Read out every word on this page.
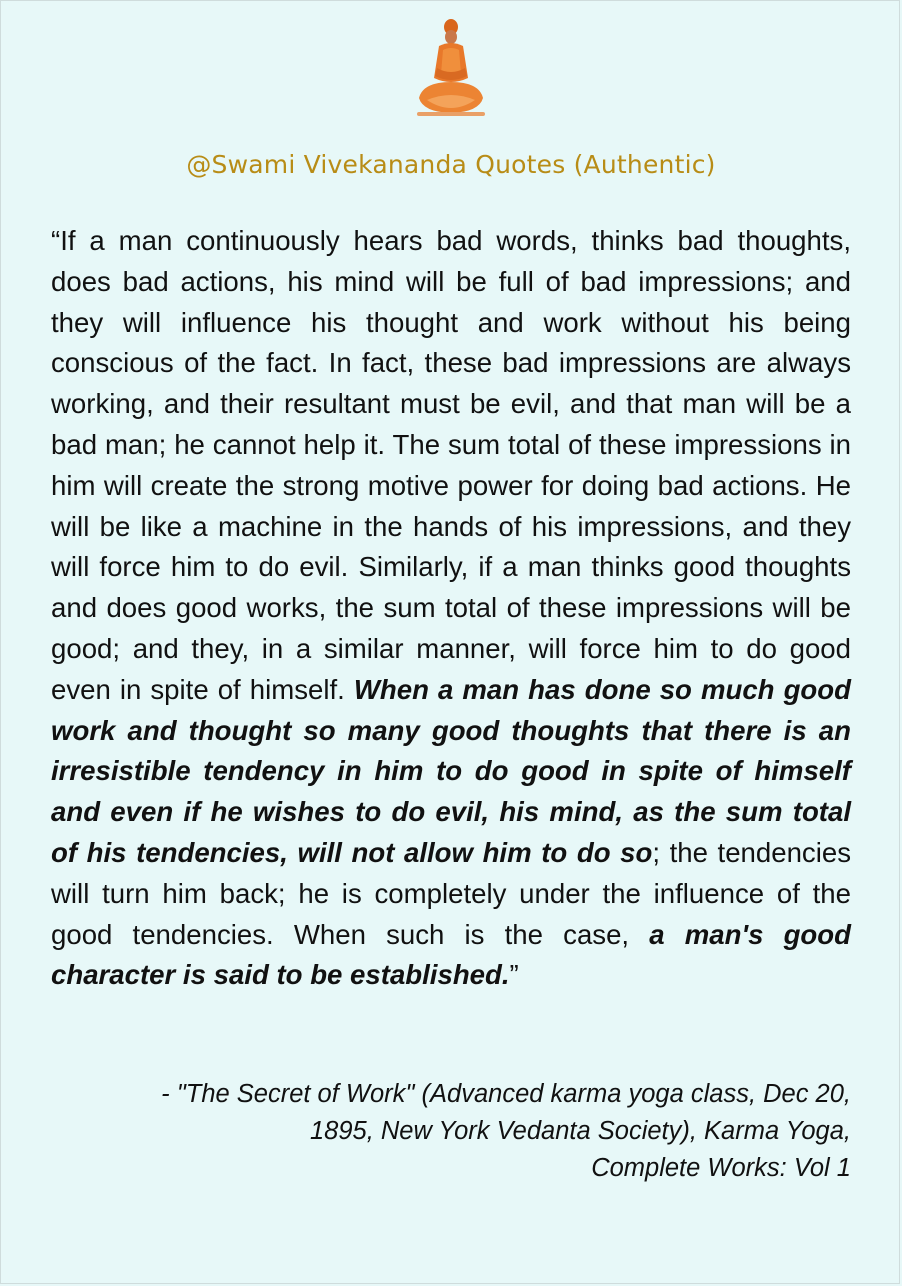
@Swami Vivekananda Quotes (Authentic)

“If a man continuously hears bad words, thinks bad thoughts, does bad actions, his mind will be full of bad impressions; and they will influence his thought and work without his being conscious of the fact. In fact, these bad impressions are always working, and their resultant must be evil, and that man will be a bad man; he cannot help it. The sum total of these impressions in him will create the strong motive power for doing bad actions. He will be like a machine in the hands of his impressions, and they will force him to do evil. Similarly, if a man thinks good thoughts and does good works, the sum total of these impressions will be good; and they, in a similar manner, will force him to do good even in spite of himself. When a man has done so much good work and thought so many good thoughts that there is an irresistible tendency in him to do good in spite of himself and even if he wishes to do evil, his mind, as the sum total of his tendencies, will not allow him to do so; the tendencies will turn him back; he is completely under the influence of the good tendencies. When such is the case, a man's good character is said to be established.”

- "The Secret of Work" (Advanced karma yoga class, Dec 20,
1895, New York Vedanta Society), Karma Yoga,
Complete Works: Vol 1
